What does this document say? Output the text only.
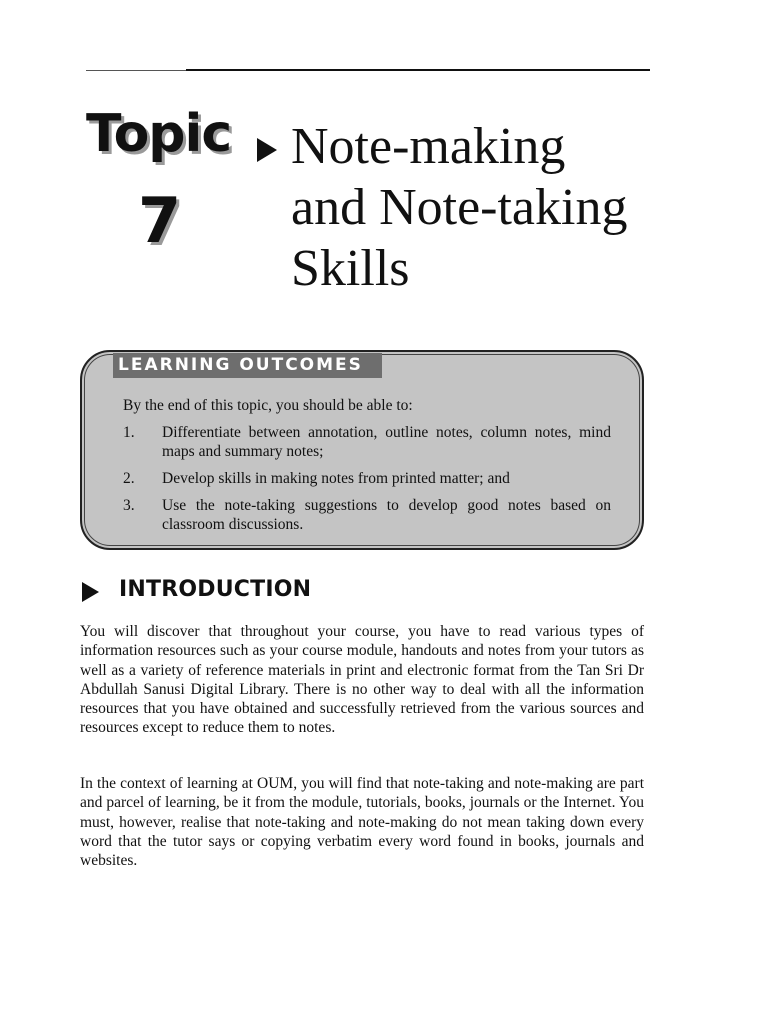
Topic
7
Note-making
and Note-taking
Skills
LEARNING OUTCOMES
By the end of this topic, you should be able to:
1.	Differentiate between annotation, outline notes, column notes, mind maps and summary notes;
2.	Develop skills in making notes from printed matter; and
3.	Use the note-taking suggestions to develop good notes based on classroom discussions.
INTRODUCTION

You will discover that throughout your course, you have to read various types of information resources such as your course module, handouts and notes from your tutors as well as a variety of reference materials in print and electronic format from the Tan Sri Dr Abdullah Sanusi Digital Library. There is no other way to deal with all the information resources that you have obtained and successfully retrieved from the various sources and resources except to reduce them to notes.

In the context of learning at OUM, you will find that note-taking and note-making are part and parcel of learning, be it from the module, tutorials, books, journals or the Internet. You must, however, realise that note-taking and note-making do not mean taking down every word that the tutor says or copying verbatim every word found in books, journals and websites.
